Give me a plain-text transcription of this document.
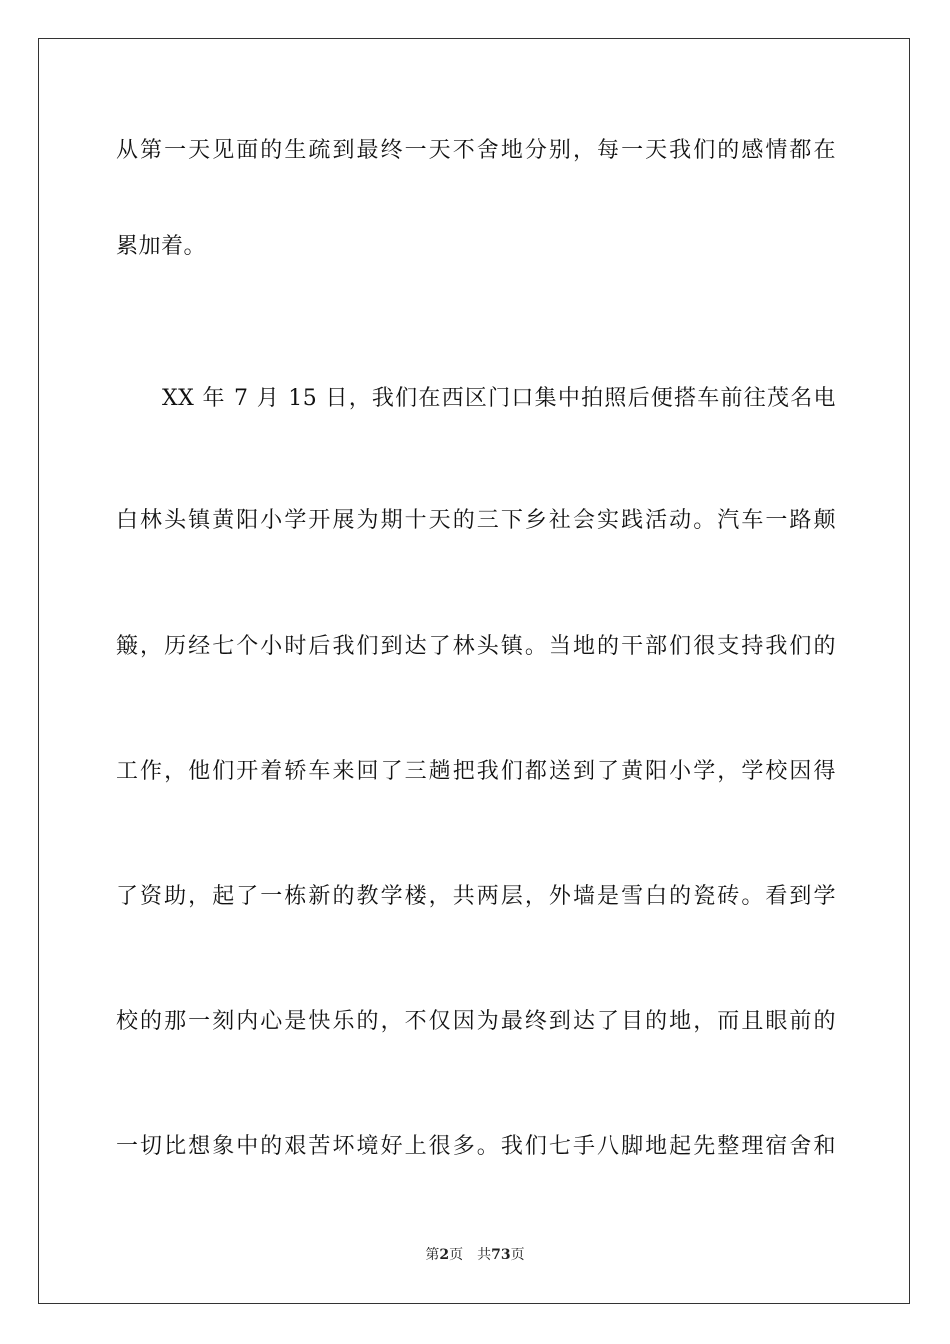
从第一天见面的生疏到最终一天不舍地分别，每一天我们的感情都在
累加着。
XX 年 7 月 15 日，我们在西区门口集中拍照后便搭车前往茂名电
白林头镇黄阳小学开展为期十天的三下乡社会实践活动。汽车一路颠
簸，历经七个小时后我们到达了林头镇。当地的干部们很支持我们的
工作，他们开着轿车来回了三趟把我们都送到了黄阳小学，学校因得
了资助，起了一栋新的教学楼，共两层，外墙是雪白的瓷砖。看到学
校的那一刻内心是快乐的，不仅因为最终到达了目的地，而且眼前的
一切比想象中的艰苦坏境好上很多。我们七手八脚地起先整理宿舍和
第2页 共73页
